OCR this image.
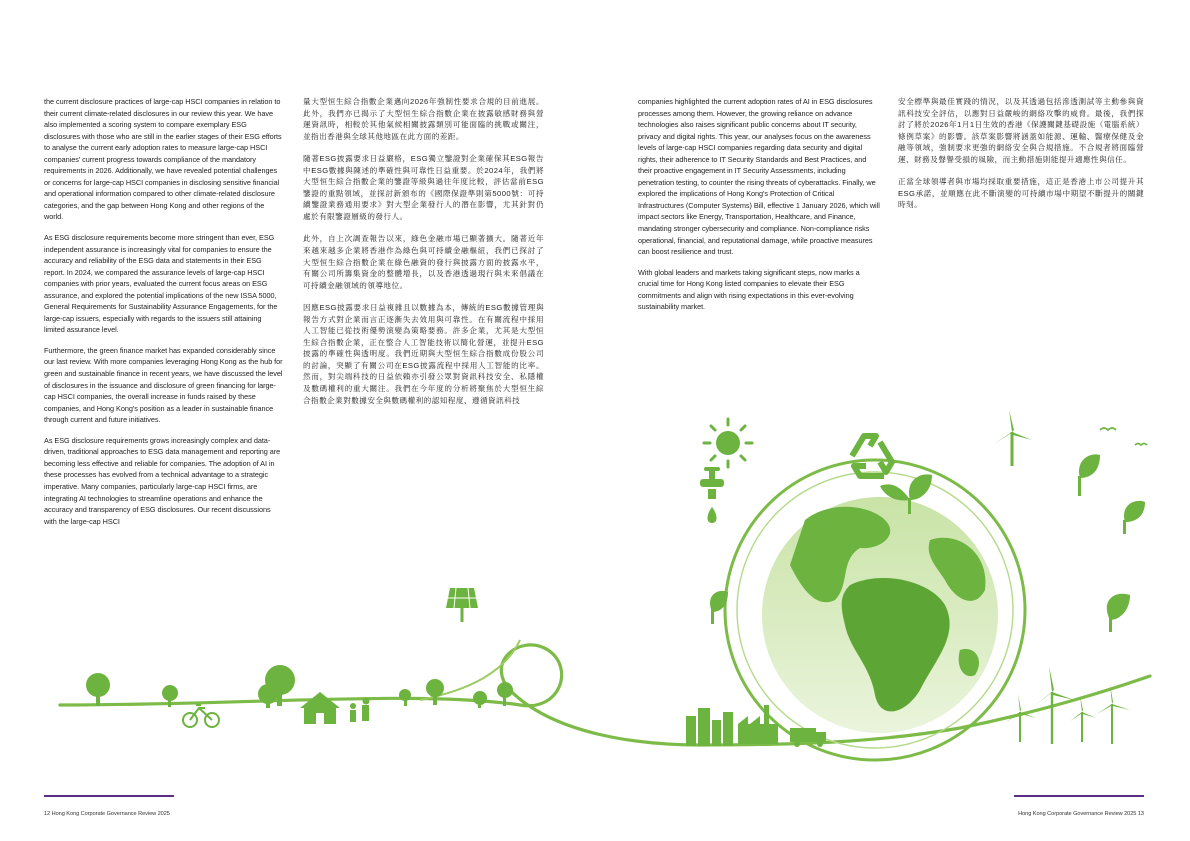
the current disclosure practices of large-cap HSCI companies in relation to their current climate-related disclosures in our review this year. We have also implemented a scoring system to compare exemplary ESG disclosures with those who are still in the earlier stages of their ESG efforts to analyse the current early adoption rates to measure large-cap HSCI companies' current progress towards compliance of the mandatory requirements in 2026. Additionally, we have revealed potential challenges or concerns for large-cap HSCI companies in disclosing sensitive financial and operational information compared to other climate-related disclosure categories, and the gap between Hong Kong and other regions of the world.

As ESG disclosure requirements become more stringent than ever, ESG independent assurance is increasingly vital for companies to ensure the accuracy and reliability of the ESG data and statements in their ESG report. In 2024, we compared the assurance levels of large-cap HSCI companies with prior years, evaluated the current focus areas on ESG assurance, and explored the potential implications of the new ISSA 5000, General Requirements for Sustainability Assurance Engagements, for the large-cap issuers, especially with regards to the issuers still attaining limited assurance level.

Furthermore, the green finance market has expanded considerably since our last review. With more companies leveraging Hong Kong as the hub for green and sustainable finance in recent years, we have discussed the level of disclosures in the issuance and disclosure of green financing for large-cap HSCI companies, the overall increase in funds raised by these companies, and Hong Kong's position as a leader in sustainable finance through current and future initiatives.

As ESG disclosure requirements grows increasingly complex and data-driven, traditional approaches to ESG data management and reporting are becoming less effective and reliable for companies. The adoption of AI in these processes has evolved from a technical advantage to a strategic imperative. Many companies, particularly large-cap HSCI firms, are integrating AI technologies to streamline operations and enhance the accuracy and transparency of ESG disclosures. Our recent discussions with the large-cap HSCI

量大型恒生綜合指數企業邁向2026年強制性要求合規的目前進展。此外，我們亦已揭示了大型恒生綜合指數企業在披露敏感財務與營運資訊時，相較於其他氣候相關披露類別可能面臨的挑戰或關注，並指出香港與全球其他地區在此方面的差距。

隨著ESG披露要求日益嚴格，ESG獨立鑒證對企業確保其ESG報告中ESG數據與陳述的準確性與可靠性日益重要。於2024年，我們將大型恒生綜合指數企業的鑒證等級與過往年度比較，評估當前ESG鑒證的重點領域，並探討新頒布的《國際保證準則第5000號：可持續鑒證業務通用要求》對大型企業發行人的潛在影響，尤其針對仍處於有限鑒證層級的發行人。

此外，自上次調查報告以來，綠色金融市場已顯著擴大。隨著近年來越來越多企業將香港作為綠色與可持續金融樞紐，我們已探討了大型恒生綜合指數企業在綠色融資的發行與披露方面的披露水平，有關公司所籌集資金的整體增長，以及香港透過現行與未來倡議在可持續金融領域的領導地位。

因應ESG披露要求日益複雜且以數據為本，傳統的ESG數據管理與報告方式對企業而言正逐漸失去效用與可靠性。在有關流程中採用人工智能已從技術優勢演變為策略要務。許多企業，尤其是大型恒生綜合指數企業，正在整合人工智能技術以簡化營運，並提升ESG披露的準確性與透明度。我們近期與大型恒生綜合指數成份股公司的討論，突顯了有關公司在ESG披露流程中採用人工智能的比率。然而，對尖端科技的日益依賴亦引發公眾對資訊科技安全、私隱權及數碼權利的重大關注。我們在今年度的分析將聚焦於大型恒生綜合指數企業對數據安全與數碼權利的認知程度、遵循資訊科技

companies highlighted the current adoption rates of AI in ESG disclosures processes among them. However, the growing reliance on advance technologies also raises significant public concerns about IT security, privacy and digital rights. This year, our analyses focus on the awareness levels of large-cap HSCI companies regarding data security and digital rights, their adherence to IT Security Standards and Best Practices, and their proactive engagement in IT Security Assessments, including penetration testing, to counter the rising threats of cyberattacks. Finally, we explored the implications of Hong Kong's Protection of Critical Infrastructures (Computer Systems) Bill, effective 1 January 2026, which will impact sectors like Energy, Transportation, Healthcare, and Finance, mandating stronger cybersecurity and compliance. Non-compliance risks operational, financial, and reputational damage, while proactive measures can boost resilience and trust.

With global leaders and markets taking significant steps, now marks a crucial time for Hong Kong listed companies to elevate their ESG commitments and align with rising expectations in this ever-evolving sustainability market.

安全標準與最佳實踐的情況，以及其透過包括滲透測試等主動參與資訊科技安全評估，以應對日益嚴峻的網絡攻擊的威脅。最後，我們探討了將於2026年1月1日生效的香港《保護關鍵基礎設施（電腦系統）條例草案》的影響。該草案影響將涵蓋如能源、運輸、醫療保健及金融等領域，強制要求更強的網絡安全與合規措施。不合規者將面臨營運、財務及聲譽受損的風險，而主動措施則能提升適應性與信任。

正當全球領導者與市場均採取重要措施，這正是香港上市公司提升其ESG承諾，並順應在此不斷演變的可持續市場中期望不斷提升的關鍵時刻。

12 Hong Kong Corporate Governance Review 2025	Hong Kong Corporate Governance Review 2025 13
